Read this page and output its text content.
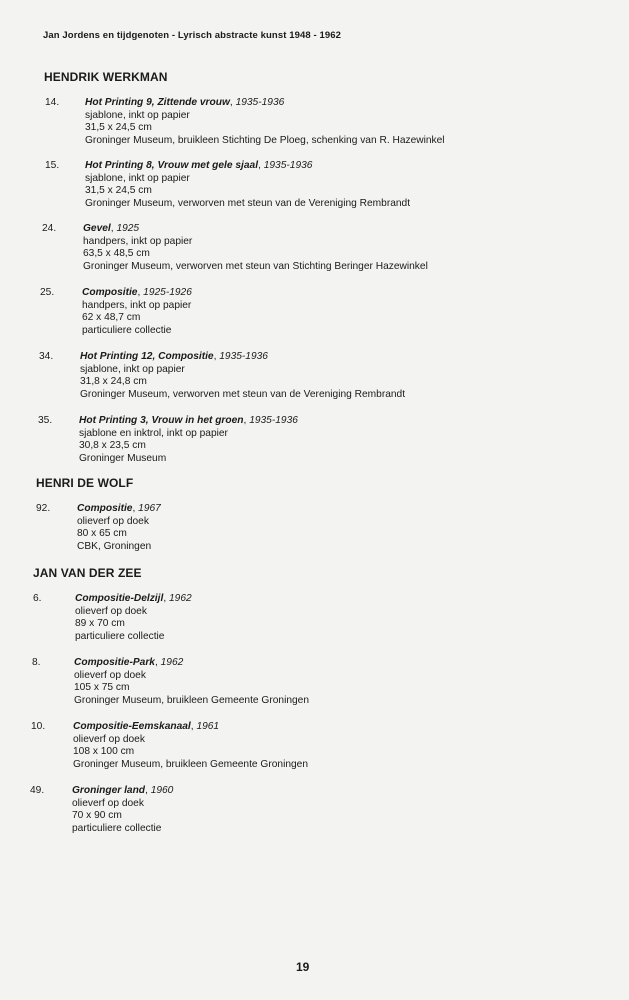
Jan Jordens en tijdgenoten - Lyrisch abstracte kunst 1948 - 1962
HENDRIK WERKMAN
14.	Hot Printing 9, Zittende vrouw, 1935-1936
sjablone, inkt op papier
31,5 x 24,5 cm
Groninger Museum, bruikleen Stichting De Ploeg, schenking van R. Hazewinkel
15.	Hot Printing 8, Vrouw met gele sjaal, 1935-1936
sjablone, inkt op papier
31,5 x 24,5 cm
Groninger Museum, verworven met steun van de Vereniging Rembrandt
24.	Gevel, 1925
handpers, inkt op papier
63,5 x 48,5 cm
Groninger Museum, verworven met steun van Stichting Beringer Hazewinkel
25.	Compositie, 1925-1926
handpers, inkt op papier
62 x 48,7 cm
particuliere collectie
34.	Hot Printing 12, Compositie, 1935-1936
sjablone, inkt op papier
31,8 x 24,8 cm
Groninger Museum, verworven met steun van de Vereniging Rembrandt
35.	Hot Printing 3, Vrouw in het groen, 1935-1936
sjablone en inktrol, inkt op papier
30,8 x 23,5 cm
Groninger Museum
HENRI DE WOLF
92.	Compositie, 1967
olieverf op doek
80 x 65 cm
CBK, Groningen
JAN VAN DER ZEE
6.	Compositie-Delzijl, 1962
olieverf op doek
89 x 70 cm
particuliere collectie
8.	Compositie-Park, 1962
olieverf op doek
105 x 75 cm
Groninger Museum, bruikleen Gemeente Groningen
10.	Compositie-Eemskanaal, 1961
olieverf op doek
108 x 100 cm
Groninger Museum, bruikleen Gemeente Groningen
49.	Groninger land, 1960
olieverf op doek
70 x 90 cm
particuliere collectie
19
